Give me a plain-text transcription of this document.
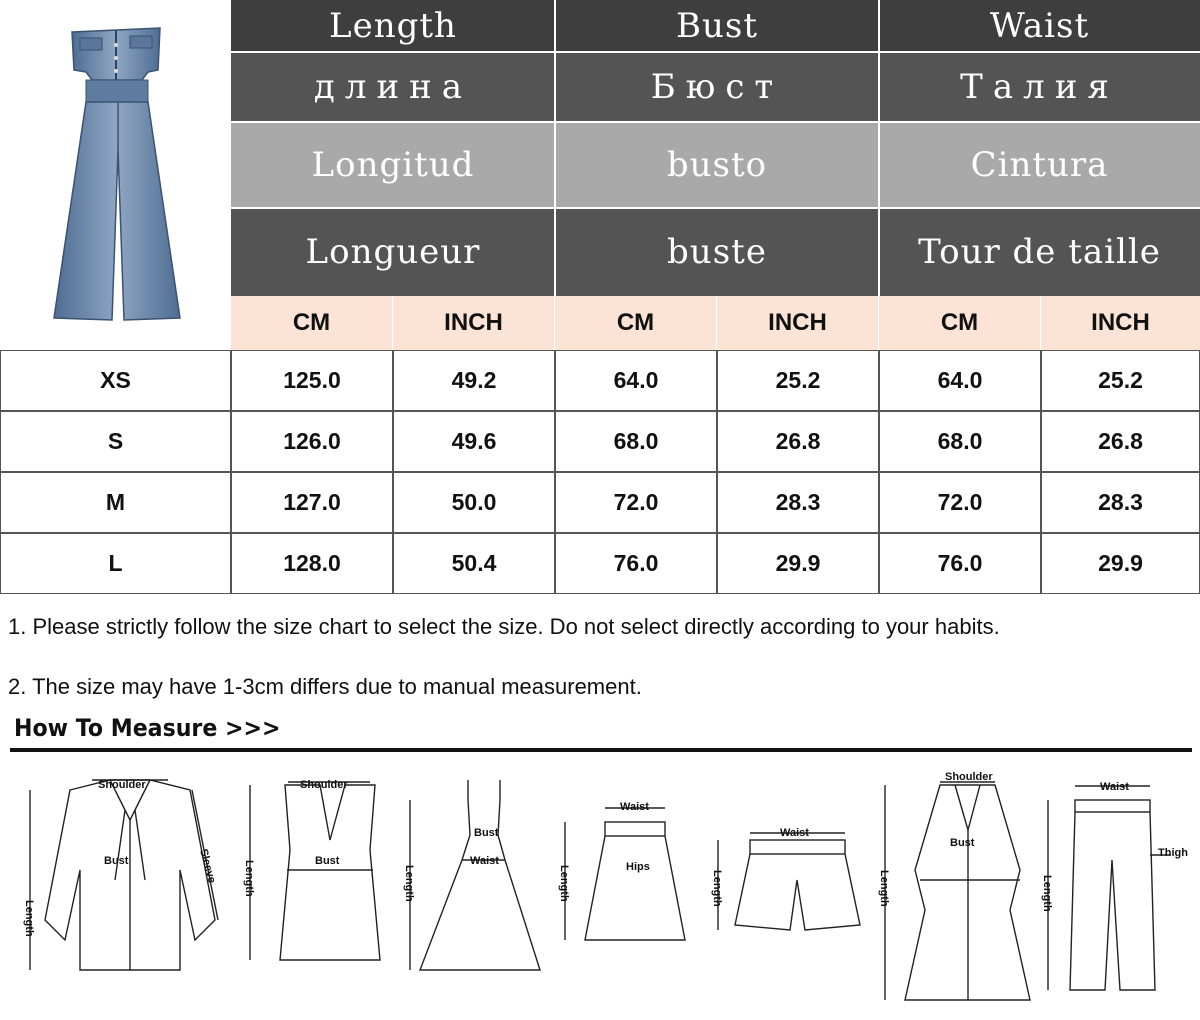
Length	Bust	Waist
длина	Бюст	Талия
Longitud	busto	Cintura
Longueur	buste	Tour de taille
CM	INCH	CM	INCH	CM	INCH
XS	125.0	49.2	64.0	25.2	64.0	25.2
S	126.0	49.6	68.0	26.8	68.0	26.8
M	127.0	50.0	72.0	28.3	72.0	28.3
L	128.0	50.4	76.0	29.9	76.0	29.9
1. Please strictly follow the size chart to select the size. Do not select directly according to your habits.
2. The size may have 1-3cm differs due to manual measurement.
How To Measure >>>
Shoulder
Bust
Length
Sleeve
Shoulder
Bust
Length
Bust
Waist
Length
Waist
Hips
Length
Waist
Length
Shoulder
Bust
Length
Waist
Thigh
Length
